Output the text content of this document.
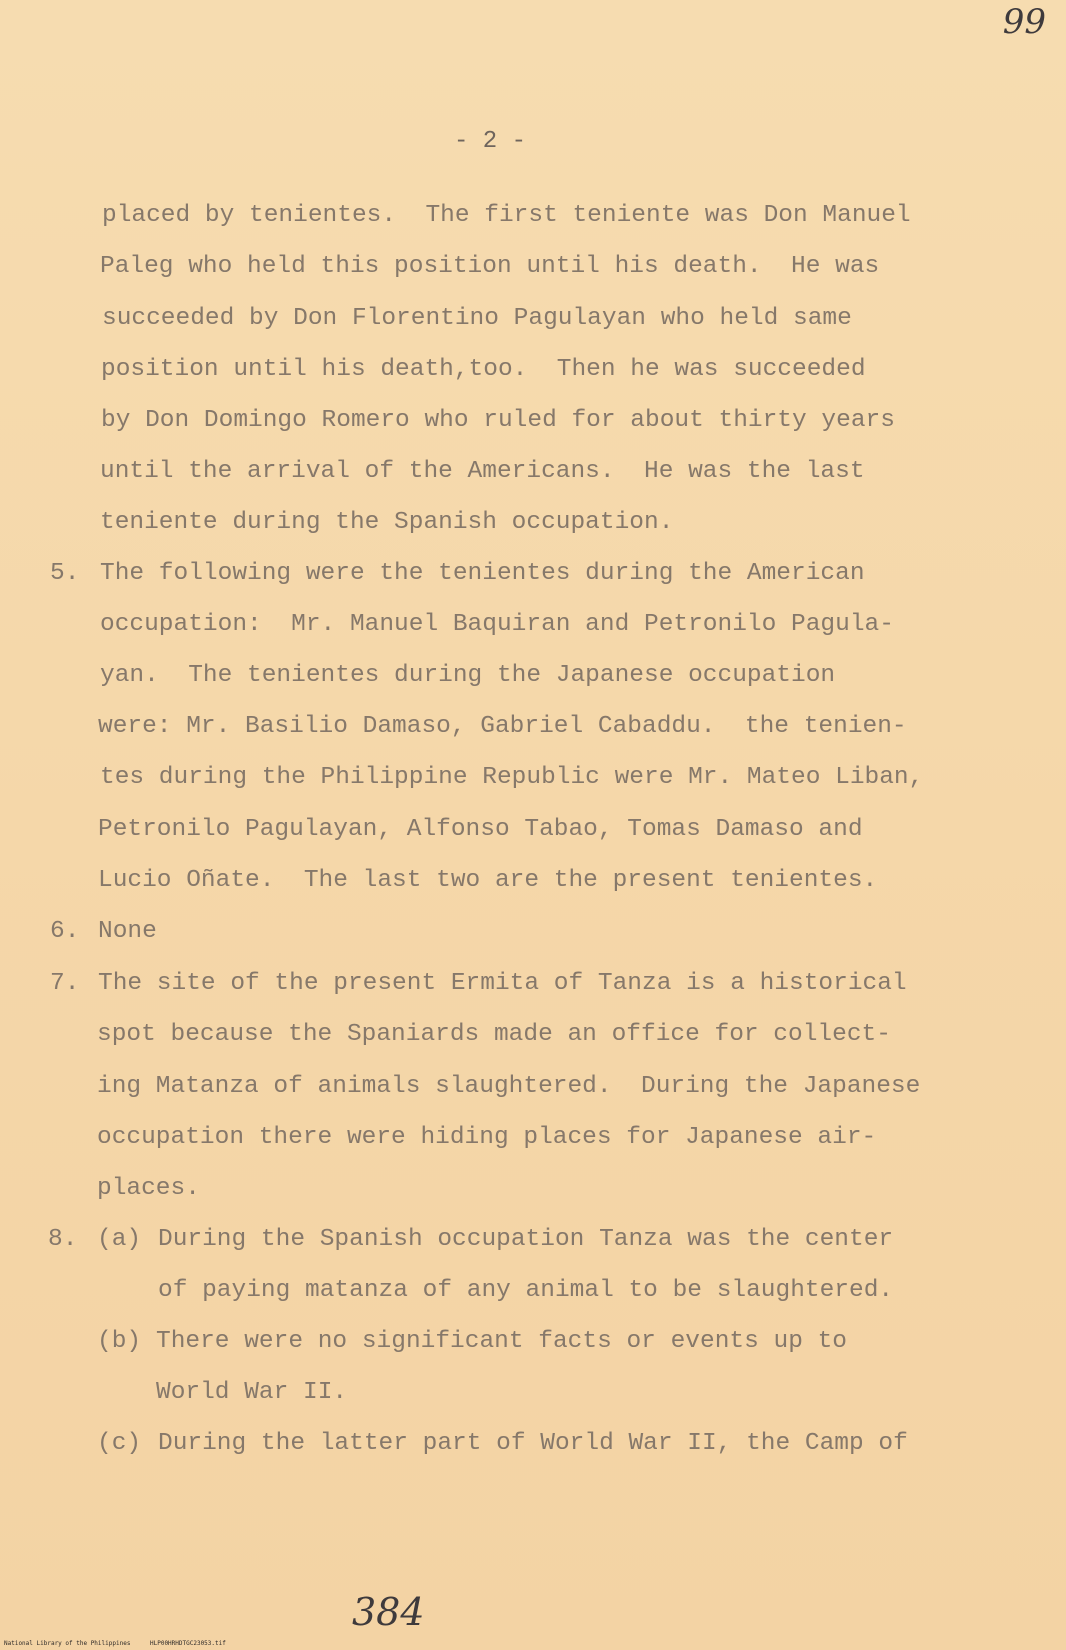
99
- 2 -
placed by tenientes.  The first teniente was Don Manuel
Paleg who held this position until his death.  He was
succeeded by Don Florentino Pagulayan who held same
position until his death,too.  Then he was succeeded
by Don Domingo Romero who ruled for about thirty years
until the arrival of the Americans.  He was the last
teniente during the Spanish occupation.
5. The following were the tenientes during the American
occupation:  Mr. Manuel Baquiran and Petronilo Pagula-
yan.  The tenientes during the Japanese occupation
were: Mr. Basilio Damaso, Gabriel Cabaddu.  the tenien-
tes during the Philippine Republic were Mr. Mateo Liban,
Petronilo Pagulayan, Alfonso Tabao, Tomas Damaso and
Lucio Oñate.  The last two are the present tenientes.
6. None
7. The site of the present Ermita of Tanza is a historical
spot because the Spaniards made an office for collect-
ing Matanza of animals slaughtered.  During the Japanese
occupation there were hiding places for Japanese air-
places.
8. (a) During the Spanish occupation Tanza was the center
of paying matanza of any animal to be slaughtered.
(b) There were no significant facts or events up to
World War II.
(c) During the latter part of World War II, the Camp of
384
National Library of the Philippines	HLP00HRHDTGC23053.tif
